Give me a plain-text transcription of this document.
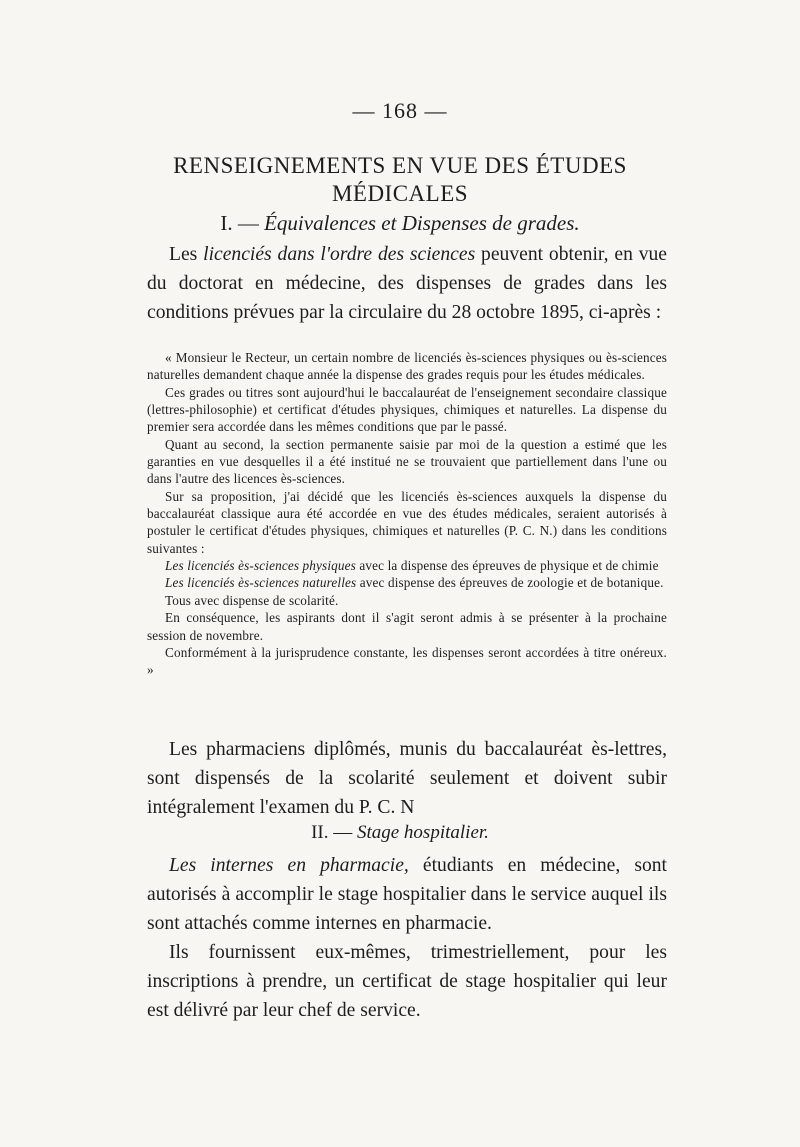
— 168 —
RENSEIGNEMENTS EN VUE DES ÉTUDES
MÉDICALES
I. — Équivalences et Dispenses de grades.

Les licenciés dans l'ordre des sciences peuvent obtenir, en vue du doctorat en médecine, des dispenses de grades dans les conditions prévues par la circulaire du 28 octobre 1895, ci-après :

« Monsieur le Recteur, un certain nombre de licenciés ès-sciences physiques ou ès-sciences naturelles demandent chaque année la dispense des grades requis pour les études médicales.

Ces grades ou titres sont aujourd'hui le baccalauréat de l'enseignement secondaire classique (lettres-philosophie) et certificat d'études physiques, chimiques et naturelles. La dispense du premier sera accordée dans les mêmes conditions que par le passé.

Quant au second, la section permanente saisie par moi de la question a estimé que les garanties en vue desquelles il a été institué ne se trouvaient que partiellement dans l'une ou dans l'autre des licences ès-sciences.

Sur sa proposition, j'ai décidé que les licenciés ès-sciences auxquels la dispense du baccalauréat classique aura été accordée en vue des études médicales, seraient autorisés à postuler le certificat d'études physiques, chimiques et naturelles (P. C. N.) dans les conditions suivantes :

Les licenciés ès-sciences physiques avec la dispense des épreuves de physique et de chimie

Les licenciés ès-sciences naturelles avec dispense des épreuves de zoologie et de botanique.

Tous avec dispense de scolarité.

En conséquence, les aspirants dont il s'agit seront admis à se présenter à la prochaine session de novembre.

Conformément à la jurisprudence constante, les dispenses seront accordées à titre onéreux. »

Les pharmaciens diplômés, munis du baccalauréat ès-lettres, sont dispensés de la scolarité seulement et doivent subir intégralement l'examen du P. C. N

II. — Stage hospitalier.

Les internes en pharmacie, étudiants en médecine, sont autorisés à accomplir le stage hospitalier dans le service auquel ils sont attachés comme internes en pharmacie.

Ils fournissent eux-mêmes, trimestriellement, pour les inscriptions à prendre, un certificat de stage hospitalier qui leur est délivré par leur chef de service.
